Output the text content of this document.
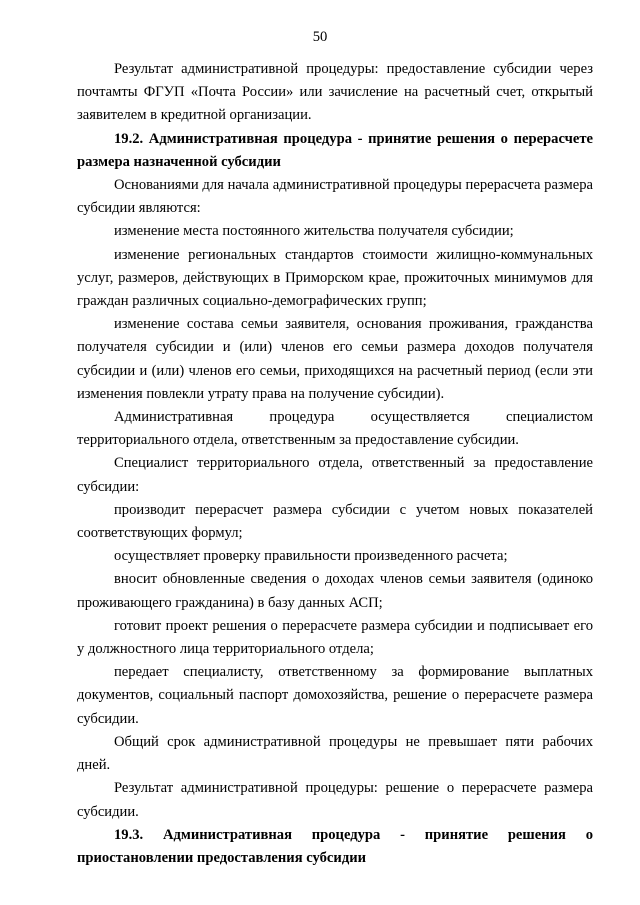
50

Результат административной процедуры: предоставление субсидии через почтамты ФГУП «Почта России» или зачисление на расчетный счет, открытый заявителем в кредитной организации.

19.2. Административная процедура - принятие решения о перерасчете размера назначенной субсидии

Основаниями для начала административной процедуры перерасчета размера субсидии являются:

изменение места постоянного жительства получателя субсидии;

изменение региональных стандартов стоимости жилищно-коммунальных услуг, размеров, действующих в Приморском крае, прожиточных минимумов для граждан различных социально-демографических групп;

изменение состава семьи заявителя, основания проживания, гражданства получателя субсидии и (или) членов его семьи размера доходов получателя субсидии и (или) членов его семьи, приходящихся на расчетный период (если эти изменения повлекли утрату права на получение субсидии).

Административная процедура осуществляется специалистом территориального отдела, ответственным за предоставление субсидии.

Специалист территориального отдела, ответственный за предоставление субсидии:

производит перерасчет размера субсидии с учетом новых показателей соответствующих формул;

осуществляет проверку правильности произведенного расчета;

вносит обновленные сведения о доходах членов семьи заявителя (одиноко проживающего гражданина) в базу данных АСП;

готовит проект решения о перерасчете размера субсидии и подписывает его у должностного лица территориального отдела;

передает специалисту, ответственному за формирование выплатных документов, социальный паспорт домохозяйства, решение о перерасчете размера субсидии.

Общий срок административной процедуры не превышает пяти рабочих дней.

Результат административной процедуры: решение о перерасчете размера субсидии.

19.3. Административная процедура - принятие решения о приостановлении предоставления субсидии
